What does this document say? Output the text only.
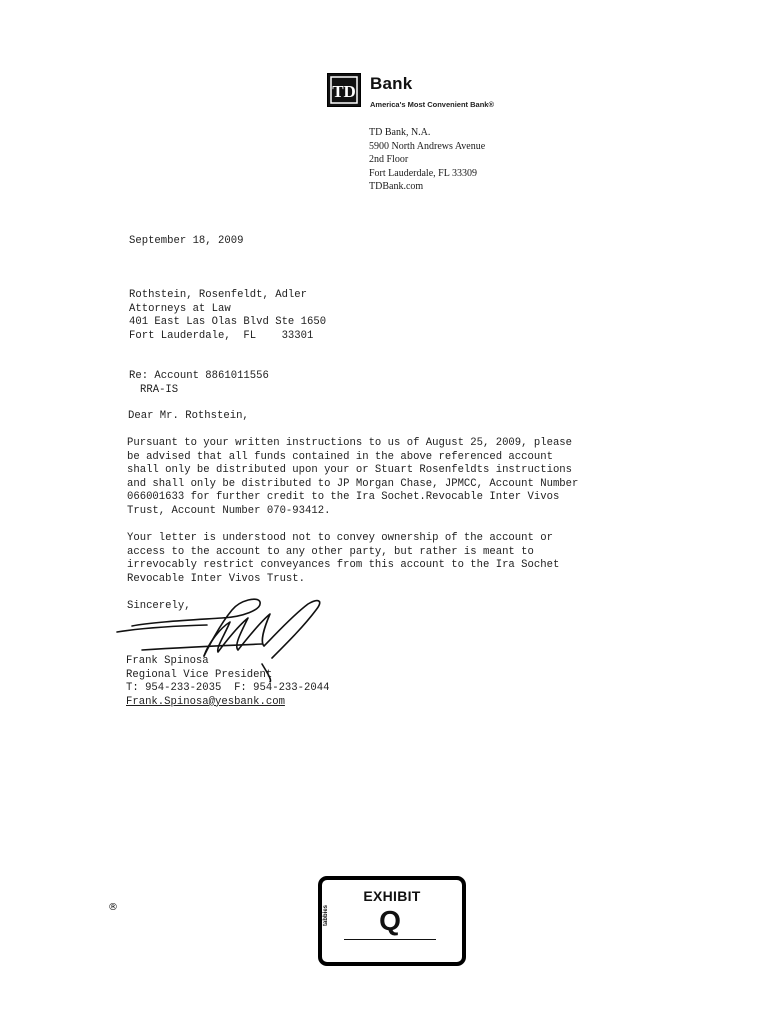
TD Bank
America's Most Convenient Bank®
TD Bank, N.A.
5900 North Andrews Avenue
2nd Floor
Fort Lauderdale, FL 33309
TDBank.com
September 18, 2009
Rothstein, Rosenfeldt, Adler
Attorneys at Law
401 East Las Olas Blvd Ste 1650
Fort Lauderdale,  FL    33301
Re: Account 8861011556
RRA-IS
Dear Mr. Rothstein,
Pursuant to your written instructions to us of August 25, 2009, please
be advised that all funds contained in the above referenced account
shall only be distributed upon your or Stuart Rosenfeldts instructions
and shall only be distributed to JP Morgan Chase, JPMCC, Account Number
066001633 for further credit to the Ira Sochet.Revocable Inter Vivos
Trust, Account Number 070-93412.
Your letter is understood not to convey ownership of the account or
access to the account to any other party, but rather is meant to
irrevocably restrict conveyances from this account to the Ira Sochet
Revocable Inter Vivos Trust.
Sincerely,
Frank Spinosa
Regional Vice President
T: 954-233-2035  F: 954-233-2044
Frank.Spinosa@yesbank.com
tabbies
EXHIBIT
Q
®
